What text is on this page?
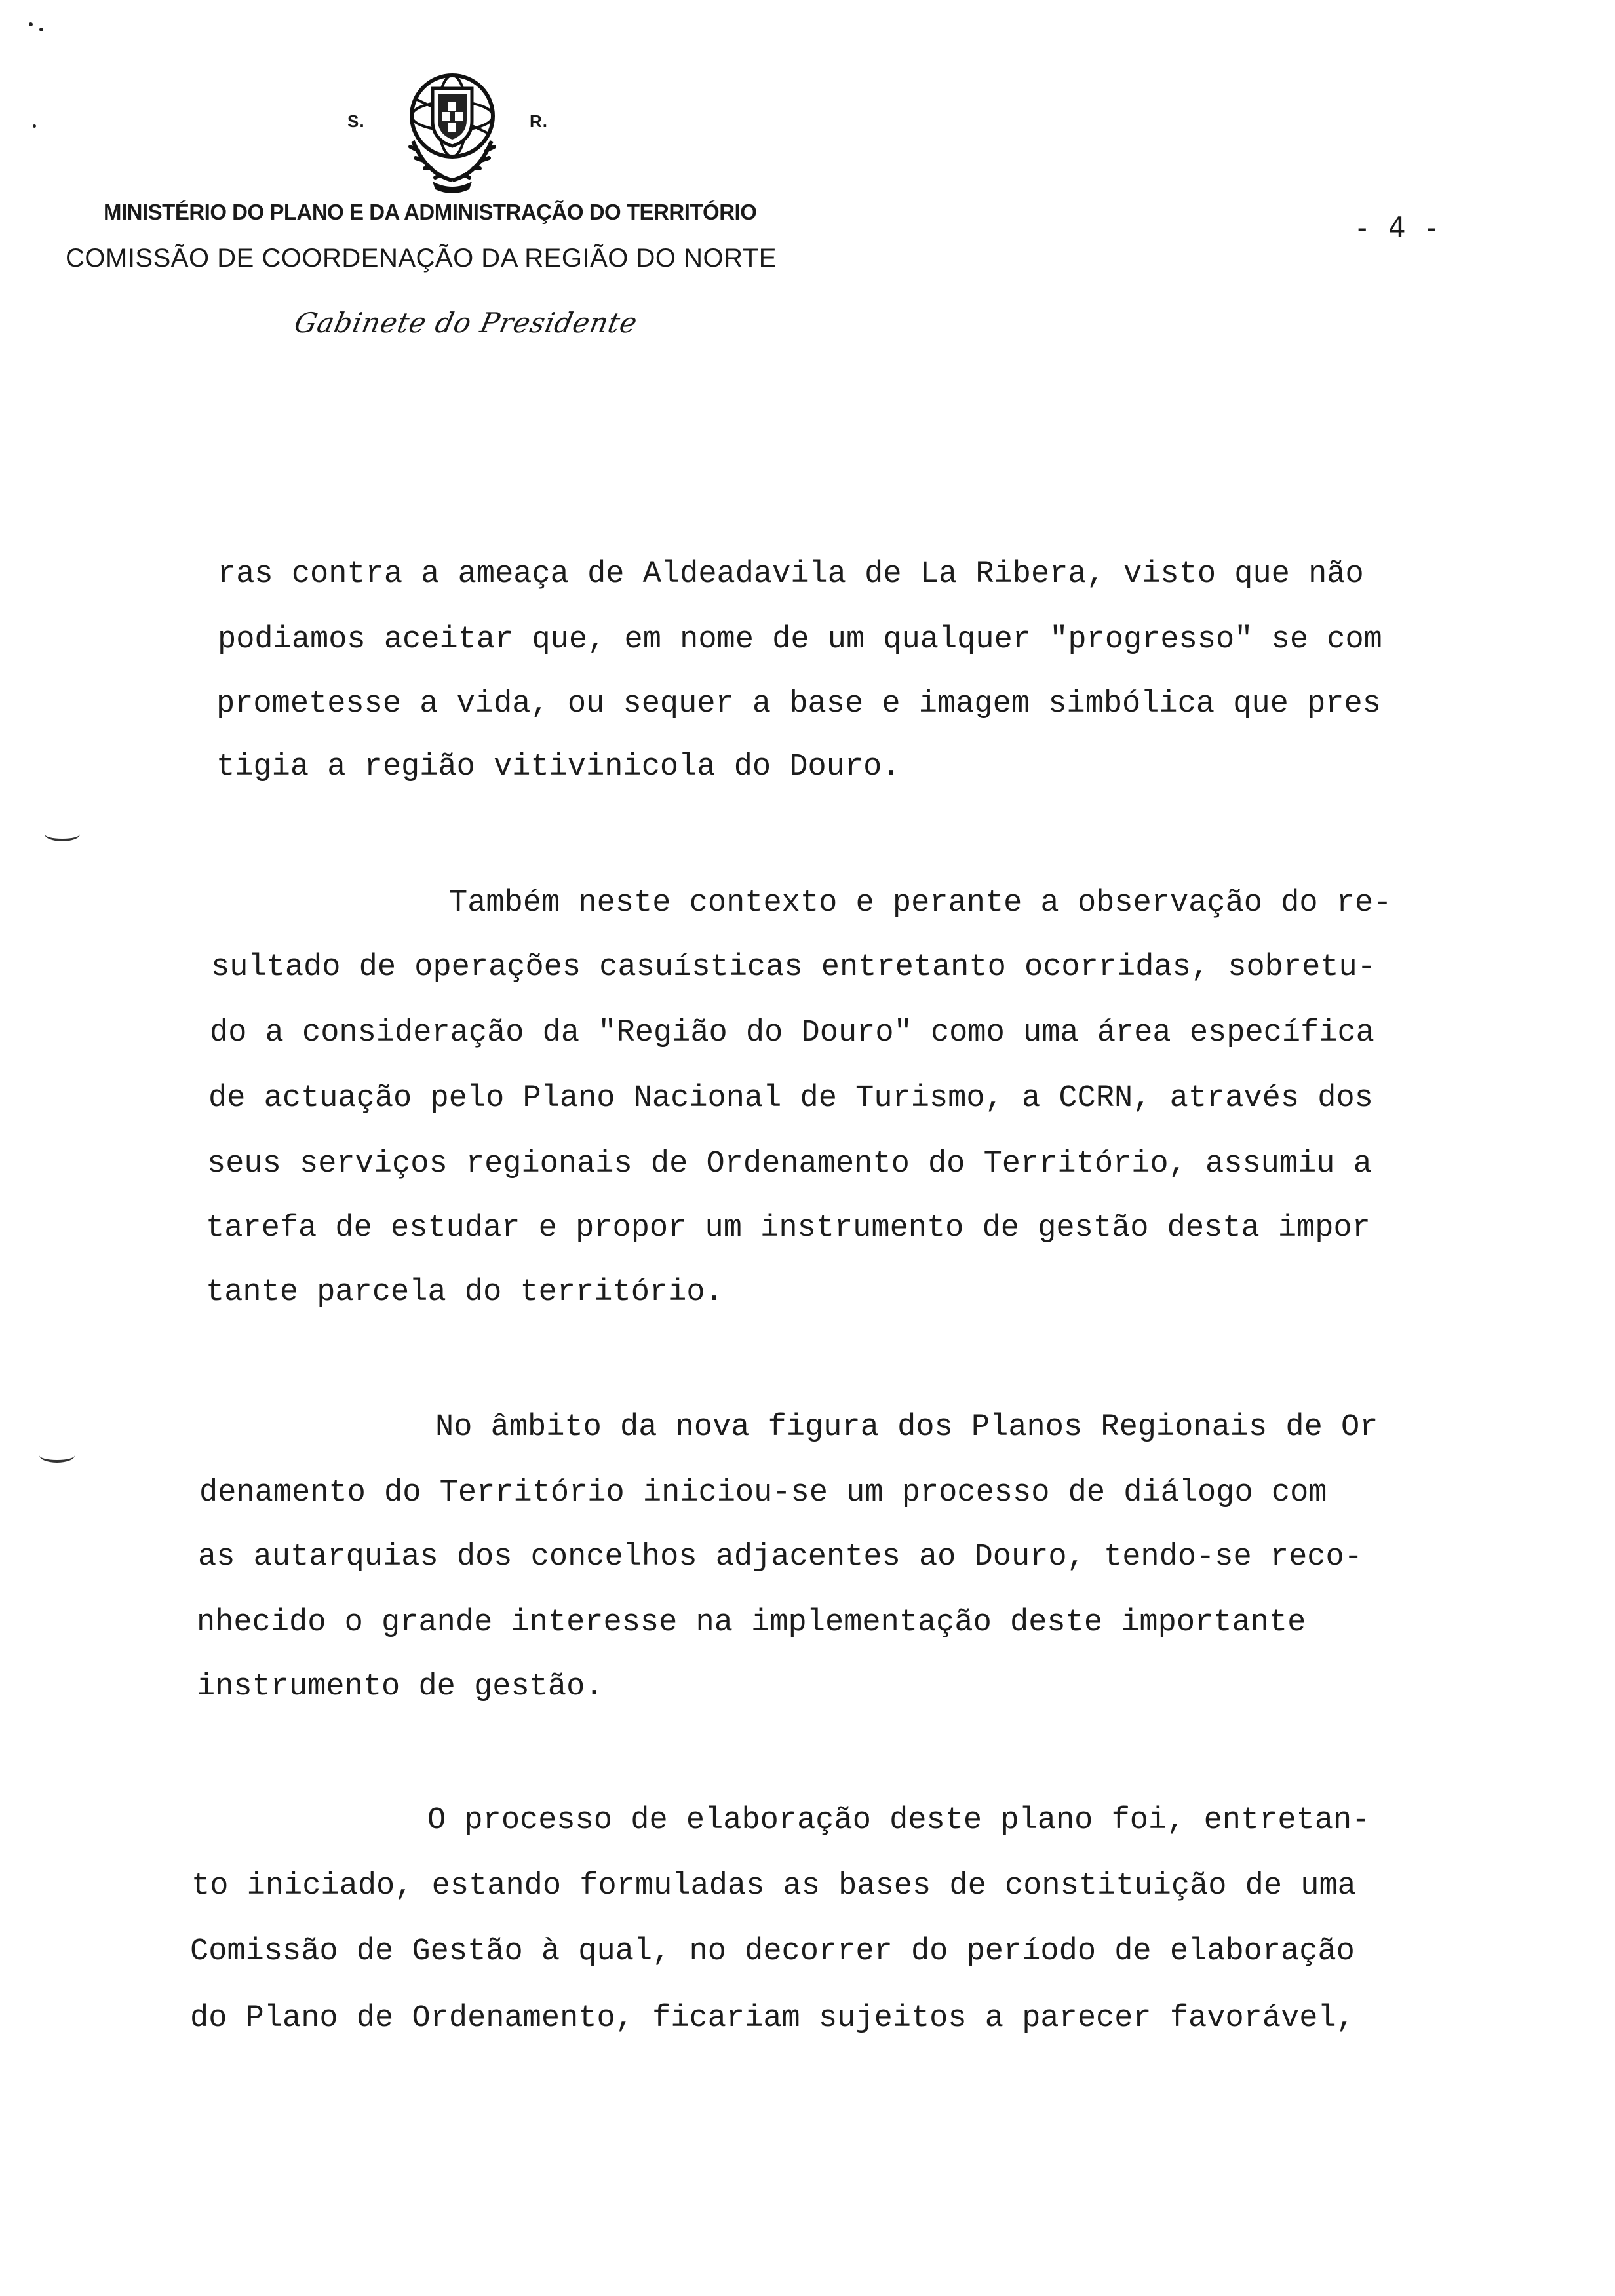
S.	R.
MINISTÉRIO DO PLANO E DA ADMINISTRAÇÃO DO TERRITÓRIO
COMISSÃO DE COORDENAÇÃO DA REGIÃO DO NORTE
Gabinete do Presidente
- 4 -
ras contra a ameaça de Aldeadavila de La Ribera, visto que não
podiamos aceitar que, em nome de um qualquer "progresso" se com
prometesse a vida, ou sequer a base e imagem simbólica que pres
tigia a região vitivinicola do Douro.
Também neste contexto e perante a observação do re-
sultado de operações casuísticas entretanto ocorridas, sobretu-
do a consideração da "Região do Douro" como uma área específica
de actuação pelo Plano Nacional de Turismo, a CCRN, através dos
seus serviços regionais de Ordenamento do Território, assumiu a
tarefa de estudar e propor um instrumento de gestão desta impor
tante parcela do território.
No âmbito da nova figura dos Planos Regionais de Or
denamento do Território iniciou-se um processo de diálogo com
as autarquias dos concelhos adjacentes ao Douro, tendo-se reco-
nhecido o grande interesse na implementação deste importante
instrumento de gestão.
O processo de elaboração deste plano foi, entretan-
to iniciado, estando formuladas as bases de constituição de uma
Comissão de Gestão à qual, no decorrer do período de elaboração
do Plano de Ordenamento, ficariam sujeitos a parecer favorável,
